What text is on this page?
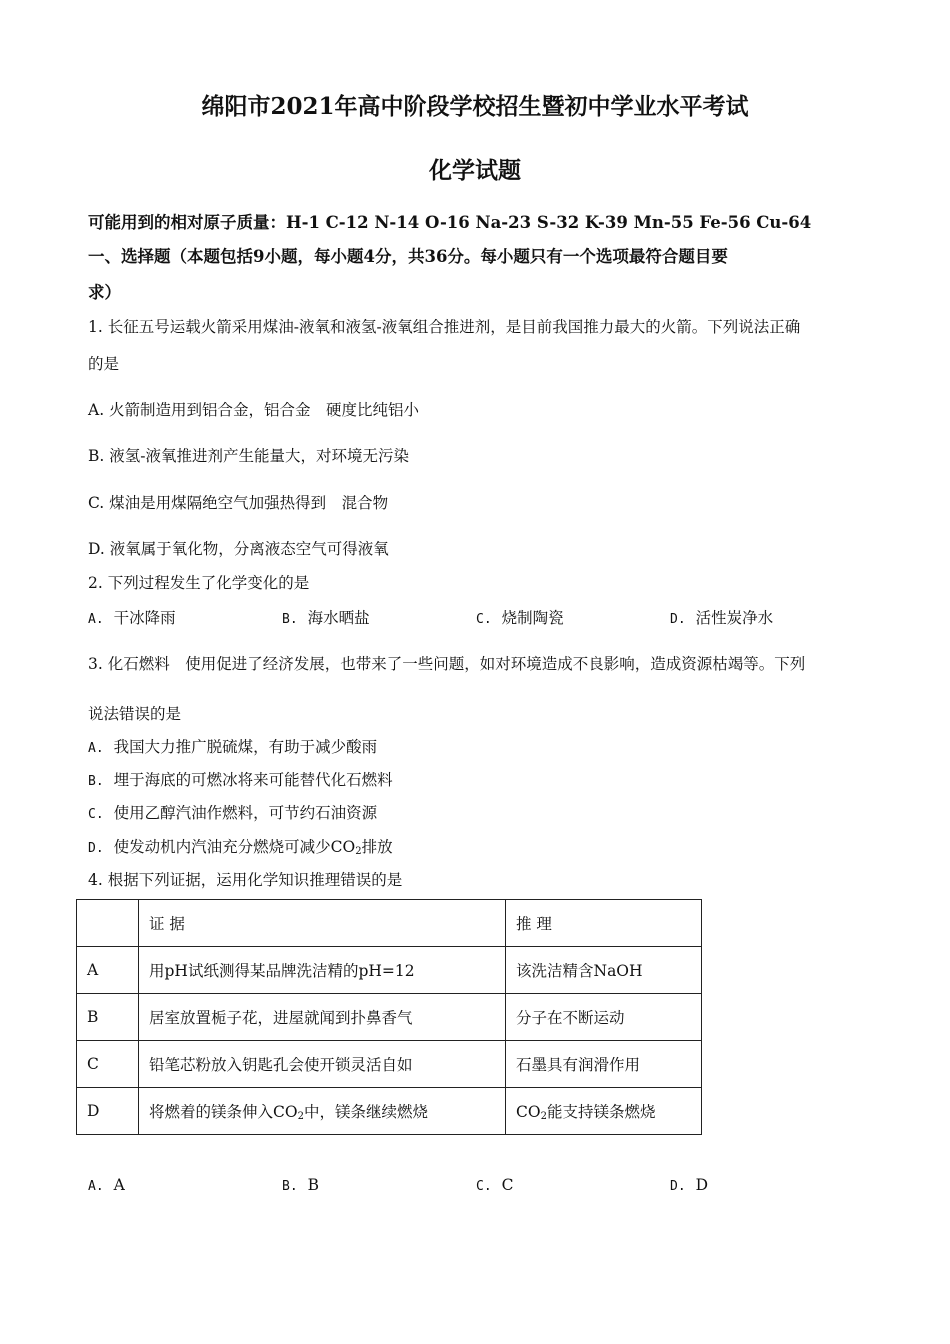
绵阳市2021年高中阶段学校招生暨初中学业水平考试
化学试题
可能用到的相对原子质量：H-1 C-12 N-14 O-16 Na-23 S-32 K-39 Mn-55 Fe-56 Cu-64
一、选择题（本题包括9小题，每小题4分，共36分。每小题只有一个选项最符合题目要
求）
1. 长征五号运载火箭采用煤油-液氧和液氢-液氧组合推进剂，是目前我国推力最大的火箭。下列说法正确
的是
A. 火箭制造用到铝合金，铝合金　硬度比纯铝小
B. 液氢-液氧推进剂产生能量大，对环境无污染
C. 煤油是用煤隔绝空气加强热得到　混合物
D. 液氧属于氧化物，分离液态空气可得液氧
2. 下列过程发生了化学变化的是
A. 干冰降雨	B. 海水晒盐	C. 烧制陶瓷	D. 活性炭净水
3. 化石燃料　使用促进了经济发展，也带来了一些问题，如对环境造成不良影响，造成资源枯竭等。下列
说法错误的是
A. 我国大力推广脱硫煤，有助于减少酸雨
B. 埋于海底的可燃冰将来可能替代化石燃料
C. 使用乙醇汽油作燃料，可节约石油资源
D. 使发动机内汽油充分燃烧可减少$CO_2$排放
4. 根据下列证据，运用化学知识推理错误的是
	证 据	推 理
A	用pH试纸测得某品牌洗洁精的pH=12	该洗洁精含NaOH
B	居室放置栀子花，进屋就闻到扑鼻香气	分子在不断运动
C	铅笔芯粉放入钥匙孔会使开锁灵活自如	石墨具有润滑作用
D	将燃着的镁条伸入$CO_2$中，镁条继续燃烧	$CO_2$能支持镁条燃烧
A. A	B. B	C. C	D. D
